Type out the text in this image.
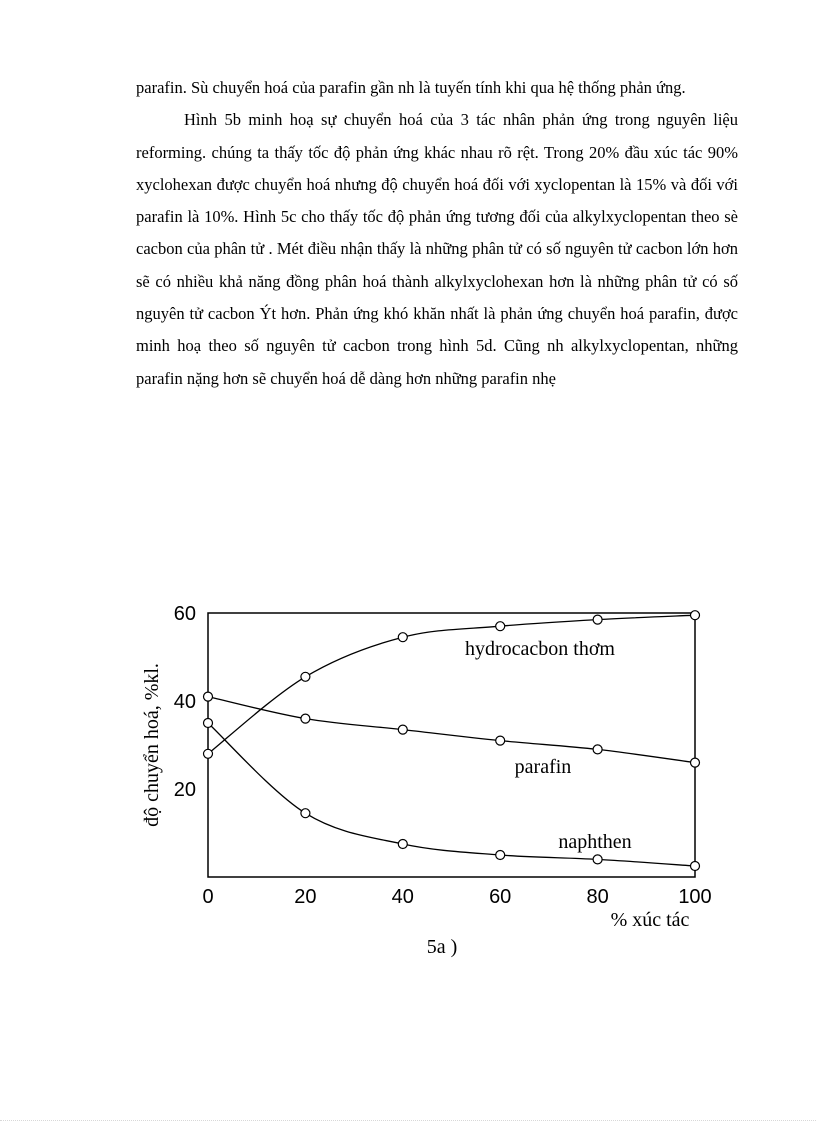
parafin. Sù chuyển hoá của parafin gần nh là tuyến tính khi qua hệ thống phản ứng.

Hình 5b minh hoạ sự chuyển hoá của 3 tác nhân phản ứng trong nguyên liệu reforming. chúng ta thấy tốc độ phản ứng khác nhau rõ rệt. Trong 20% đầu xúc tác 90% xyclohexan được chuyển hoá nhưng độ chuyển hoá đối với xyclopentan là 15% và đối với parafin là 10%. Hình 5c cho thấy tốc độ phản ứng tương đối của alkylxyclopentan theo sè cacbon của phân tử . Mét điều nhận thấy là những phân tử có số nguyên tử cacbon lớn hơn sẽ có nhiều khả năng đồng phân hoá thành alkylxyclohexan hơn là những phân tử có số nguyên tử cacbon Ýt hơn. Phản ứng khó khăn nhất là phản ứng chuyển hoá parafin, được minh hoạ theo số nguyên tử cacbon trong hình 5d. Cũng nh alkylxyclopentan, những parafin nặng hơn sẽ chuyển hoá dễ dàng hơn những parafin nhẹ

20
40
60
0	20	40	60	80	100
hydrocacbon thơm
parafin
naphthen
độ chuyển hoá, %kl.
% xúc tác
5a )
